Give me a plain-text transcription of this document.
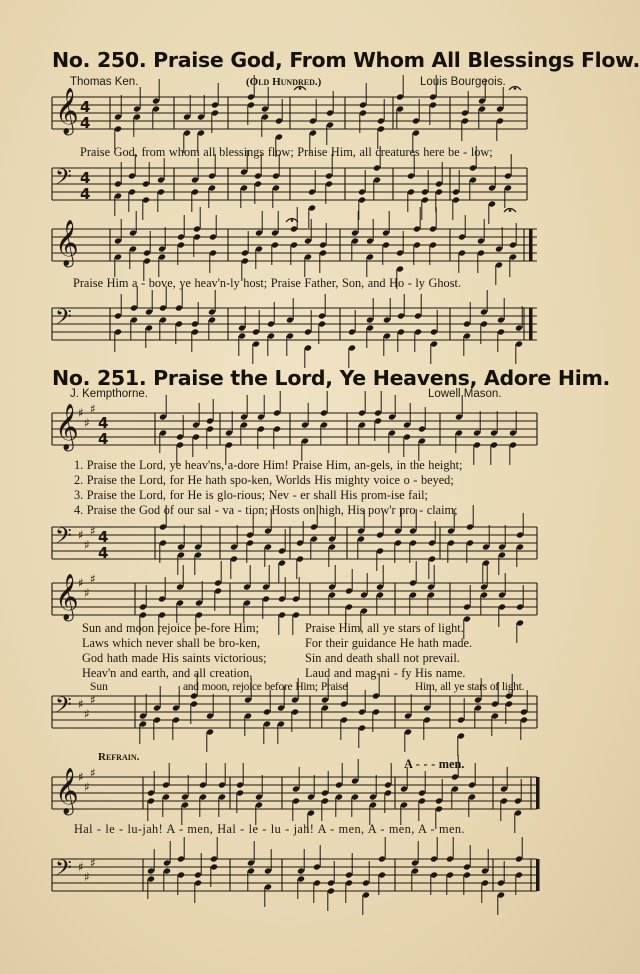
𝄞 4
4
𝄢 4
4
𝄞
𝄢
𝄞 ♯
♯
♯
4
4
𝄢 ♯
♯
♯ 4
4
𝄞 ♯
♯
♯
𝄢 ♯
♯
♯
𝄞 ♯
♯
♯
𝄢 ♯
♯
♯
No. 250. Praise God, From Whom All Blessings Flow.
Thomas Ken.	(Old Hundred.)	Louis Bourgeois.
Praise God, from whom all blessings flow; Praise Him, all creatures here be - low;
Praise Him a - bove, ye heav'n-ly host; Praise Father, Son, and Ho - ly Ghost.
No. 251. Praise the Lord, Ye Heavens, Adore Him.
J. Kempthorne.	Lowell Mason.
1. Praise the Lord, ye heav'ns, a-dore Him! Praise Him, an-gels, in the height;
2. Praise the Lord, for He hath spo-ken, Worlds His mighty voice o - beyed;
3. Praise the Lord, for He is glo-rious; Nev - er shall His prom-ise fail;
4. Praise the God of our sal - va - tion; Hosts on high, His pow'r pro - claim;
Sun and moon rejoice be-fore Him;
Laws which never shall be bro-ken,
God hath made His saints victorious;
Heav'n and earth, and all creation,
Praise Him, all ye stars of light.
For their guidance He hath made.
Sin and death shall not prevail.
Laud and mag-ni - fy His name.
Sun	and moon, rejoice before Him; Praise	Him, all ye stars of light.
Refrain.	A - - - men.
Hal - le - lu-jah! A - men, Hal - le - lu - jah! A - men, A - men, A - men.
